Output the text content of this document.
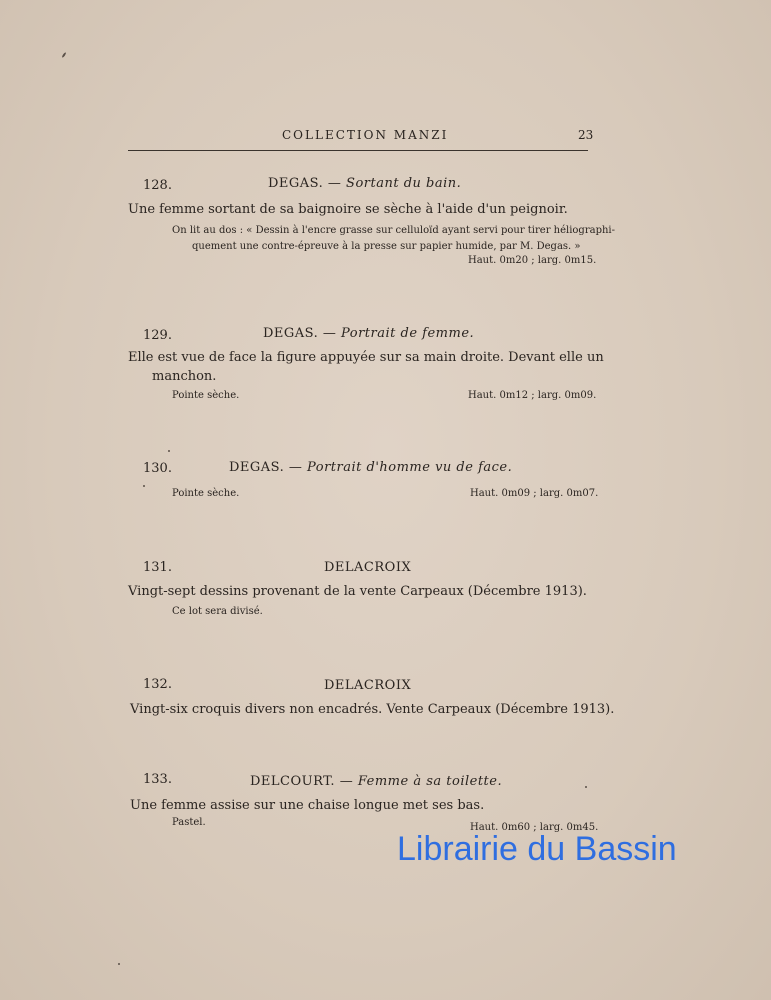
COLLECTION MANZI	23
128.	DEGAS. — Sortant du bain.
Une femme sortant de sa baignoire se sèche à l'aide d'un peignoir.
On lit au dos : « Dessin à l'encre grasse sur celluloïd ayant servi pour tirer héliographi-
quement une contre-épreuve à la presse sur papier humide, par M. Degas. »
Haut. 0m20 ; larg. 0m15.
129.	DEGAS. — Portrait de femme.
Elle est vue de face la figure appuyée sur sa main droite. Devant elle un
manchon.
Pointe sèche.	Haut. 0m12 ; larg. 0m09.
130.	DEGAS. — Portrait d'homme vu de face.
Pointe sèche.	Haut. 0m09 ; larg. 0m07.
131.	DELACROIX
Vingt-sept dessins provenant de la vente Carpeaux (Décembre 1913).
Ce lot sera divisé.
132.	DELACROIX
Vingt-six croquis divers non encadrés. Vente Carpeaux (Décembre 1913).
133.	DELCOURT. — Femme à sa toilette.
Une femme assise sur une chaise longue met ses bas.
Pastel.	Haut. 0m60 ; larg. 0m45.
Librairie du Bassin
